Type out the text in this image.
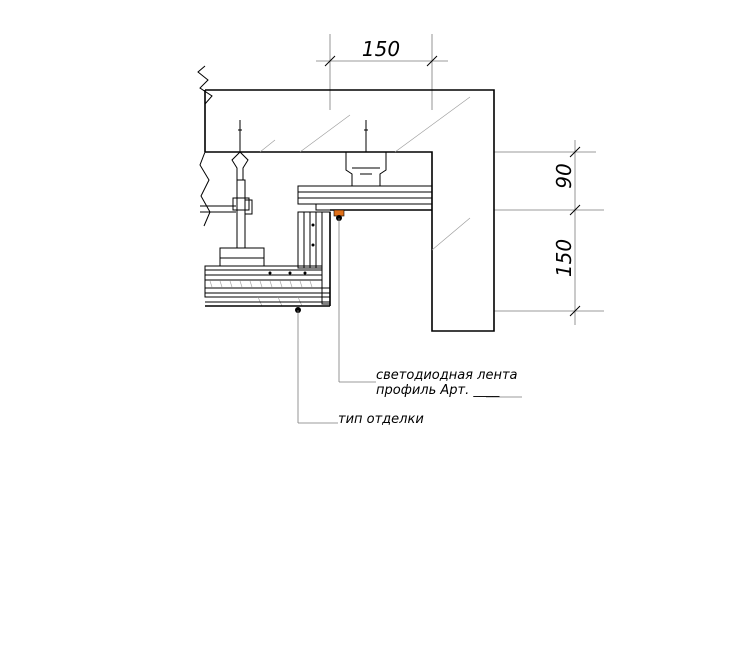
150
90
150
светодиодная лента
профиль Арт. ____
тип отделки
